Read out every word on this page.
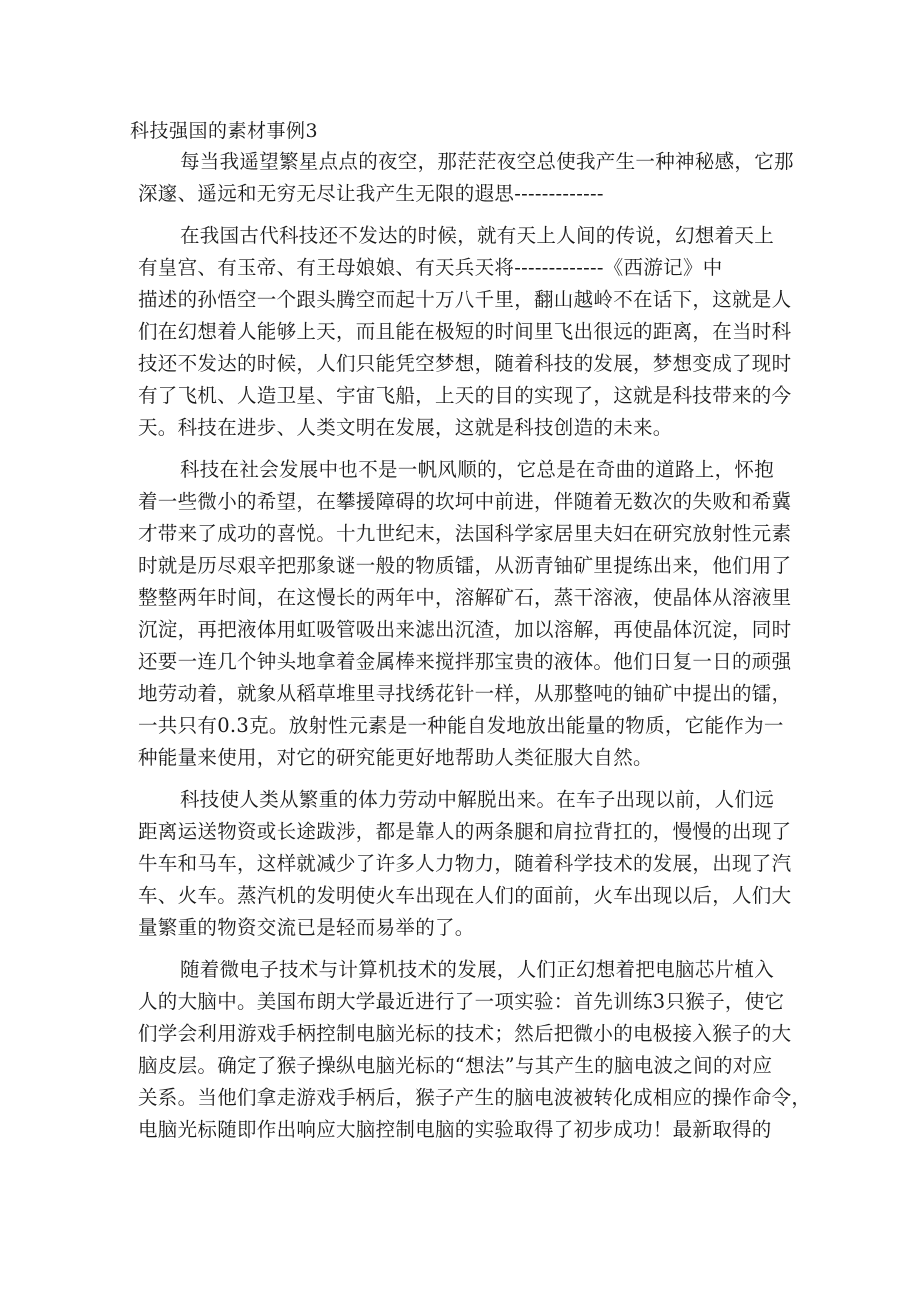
科技强国的素材事例3
每当我遥望繁星点点的夜空，那茫茫夜空总使我产生一种神秘感，它那
深邃、遥远和无穷无尽让我产生无限的遐思-------------
在我国古代科技还不发达的时候，就有天上人间的传说，幻想着天上
有皇宫、有玉帝、有王母娘娘、有天兵天将-------------《西游记》中
描述的孙悟空一个跟头腾空而起十万八千里，翻山越岭不在话下，这就是人
们在幻想着人能够上天，而且能在极短的时间里飞出很远的距离，在当时科
技还不发达的时候，人们只能凭空梦想，随着科技的发展，梦想变成了现时
有了飞机、人造卫星、宇宙飞船，上天的目的实现了，这就是科技带来的今
天。科技在进步、人类文明在发展，这就是科技创造的未来。
科技在社会发展中也不是一帆风顺的，它总是在奇曲的道路上，怀抱
着一些微小的希望，在攀援障碍的坎坷中前进，伴随着无数次的失败和希冀
才带来了成功的喜悦。十九世纪末，法国科学家居里夫妇在研究放射性元素
时就是历尽艰辛把那象谜一般的物质镭，从沥青铀矿里提练出来，他们用了
整整两年时间，在这慢长的两年中，溶解矿石，蒸干溶液，使晶体从溶液里
沉淀，再把液体用虹吸管吸出来滤出沉渣，加以溶解，再使晶体沉淀，同时
还要一连几个钟头地拿着金属棒来搅拌那宝贵的液体。他们日复一日的顽强
地劳动着，就象从稻草堆里寻找绣花针一样，从那整吨的铀矿中提出的镭，
一共只有0.3克。放射性元素是一种能自发地放出能量的物质，它能作为一
种能量来使用，对它的研究能更好地帮助人类征服大自然。
科技使人类从繁重的体力劳动中解脱出来。在车子出现以前，人们远
距离运送物资或长途跋涉，都是靠人的两条腿和肩拉背扛的，慢慢的出现了
牛车和马车，这样就减少了许多人力物力，随着科学技术的发展，出现了汽
车、火车。蒸汽机的发明使火车出现在人们的面前，火车出现以后，人们大
量繁重的物资交流已是轻而易举的了。
随着微电子技术与计算机技术的发展，人们正幻想着把电脑芯片植入
人的大脑中。美国布朗大学最近进行了一项实验：首先训练3只猴子，使它
们学会利用游戏手柄控制电脑光标的技术；然后把微小的电极接入猴子的大
脑皮层。确定了猴子操纵电脑光标的“想法”与其产生的脑电波之间的对应
关系。当他们拿走游戏手柄后，猴子产生的脑电波被转化成相应的操作命令，
电脑光标随即作出响应大脑控制电脑的实验取得了初步成功！最新取得的
